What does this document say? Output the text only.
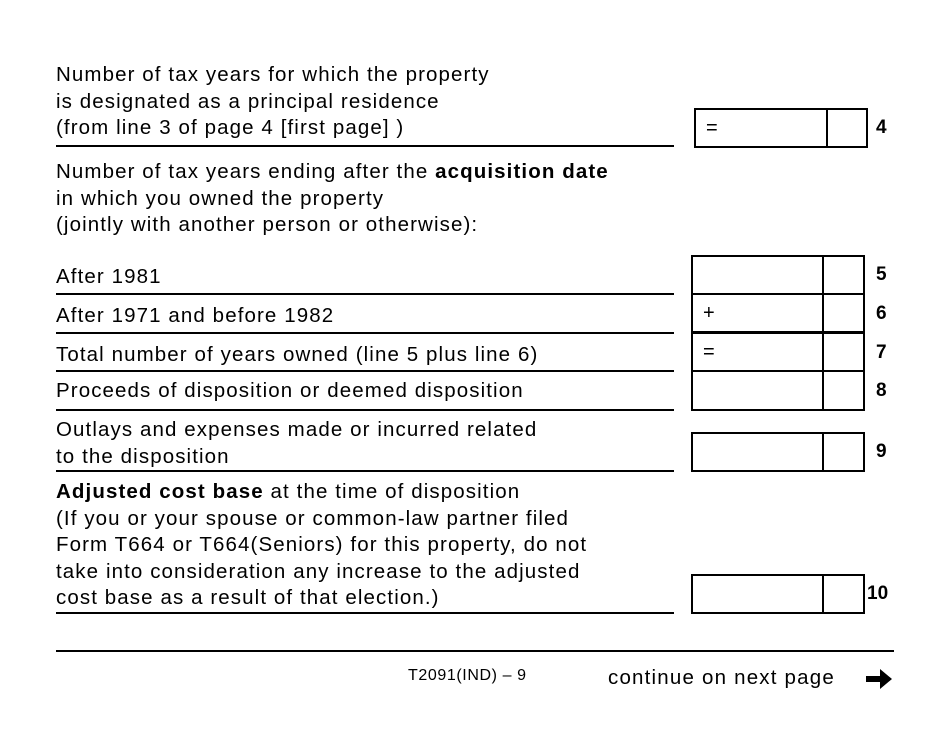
Number of tax years for which the property
is designated as a principal residence
(from line 3 of page 4 [first page] )	=	4
Number of tax years ending after the acquisition date
in which you owned the property
(jointly with another person or otherwise):
After 1981	5
After 1971 and before 1982	+	6
Total number of years owned (line 5 plus line 6)	=	7
Proceeds of disposition or deemed disposition	8
Outlays and expenses made or incurred related
to the disposition	9
Adjusted cost base at the time of disposition
(If you or your spouse or common-law partner filed
Form T664 or T664(Seniors) for this property, do not
take into consideration any increase to the adjusted
cost base as a result of that election.)	10
T2091(IND) – 9	continue on next page
